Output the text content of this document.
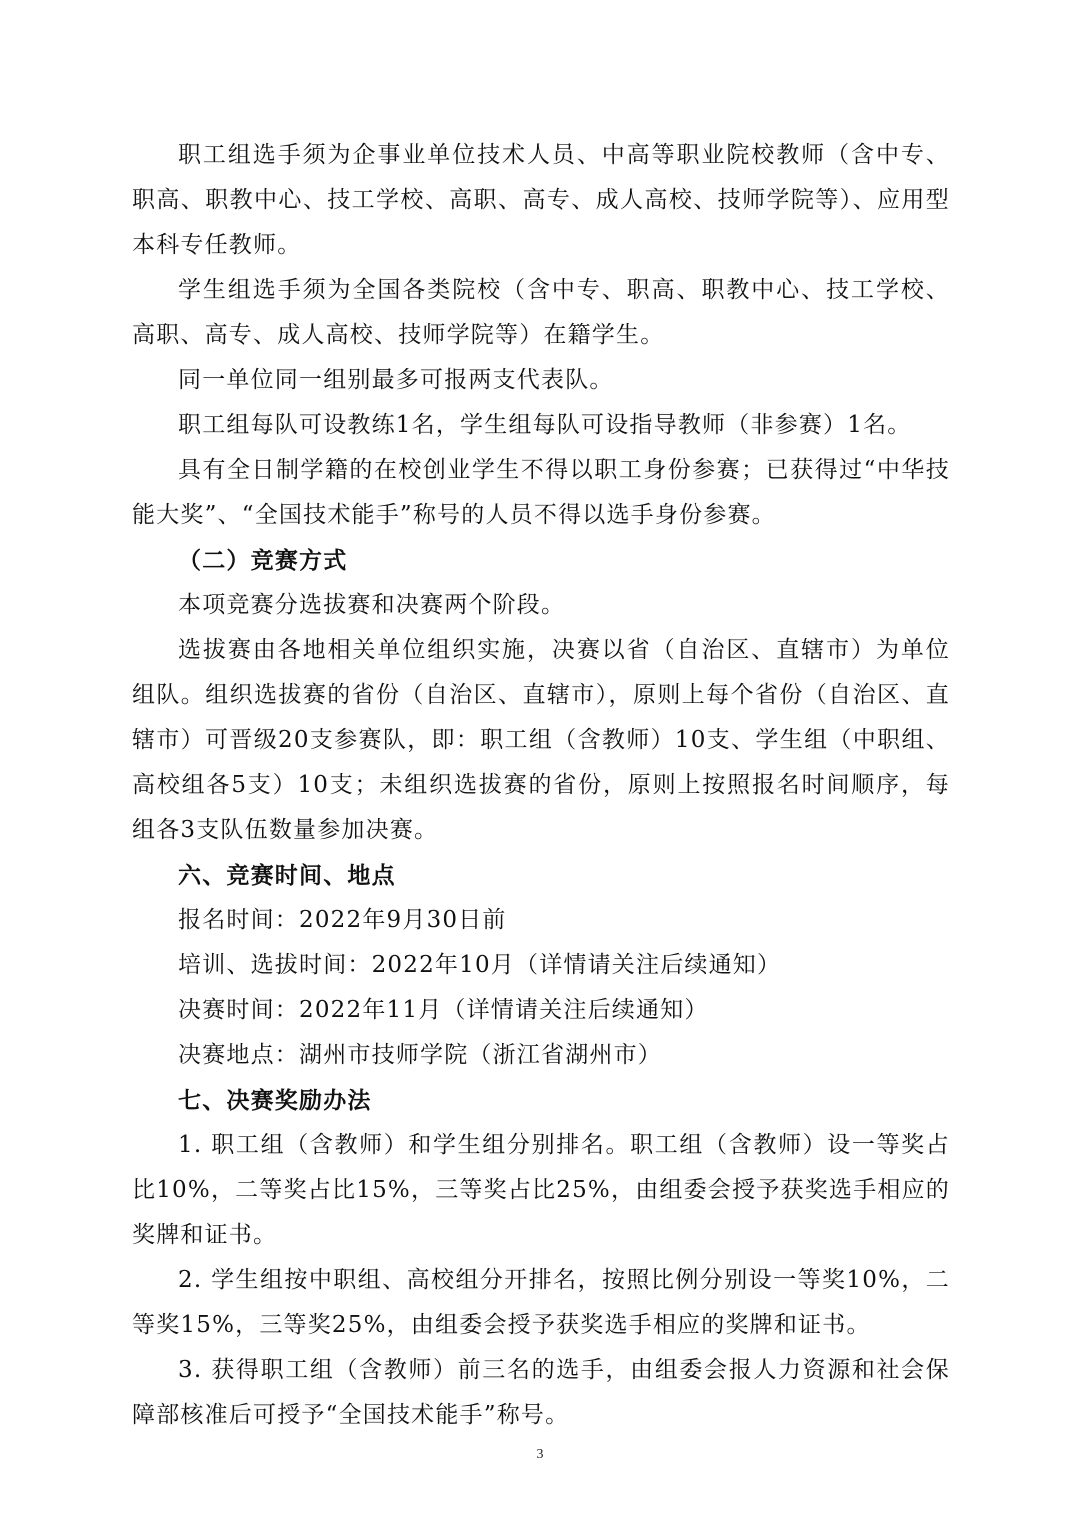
职工组选手须为企事业单位技术人员、中高等职业院校教师（含中专、职高、职教中心、技工学校、高职、高专、成人高校、技师学院等）、应用型本科专任教师。

学生组选手须为全国各类院校（含中专、职高、职教中心、技工学校、高职、高专、成人高校、技师学院等）在籍学生。

同一单位同一组别最多可报两支代表队。

职工组每队可设教练1名，学生组每队可设指导教师（非参赛）1名。

具有全日制学籍的在校创业学生不得以职工身份参赛；已获得过“中华技能大奖”、“全国技术能手”称号的人员不得以选手身份参赛。

（二）竞赛方式

本项竞赛分选拔赛和决赛两个阶段。

选拔赛由各地相关单位组织实施，决赛以省（自治区、直辖市）为单位组队。组织选拔赛的省份（自治区、直辖市），原则上每个省份（自治区、直辖市）可晋级20支参赛队，即：职工组（含教师）10支、学生组（中职组、高校组各5支）10支；未组织选拔赛的省份，原则上按照报名时间顺序，每组各3支队伍数量参加决赛。

六、竞赛时间、地点

报名时间：2022年9月30日前

培训、选拔时间：2022年10月（详情请关注后续通知）

决赛时间：2022年11月（详情请关注后续通知）

决赛地点：湖州市技师学院（浙江省湖州市）

七、决赛奖励办法

1. 职工组（含教师）和学生组分别排名。职工组（含教师）设一等奖占比10%，二等奖占比15%，三等奖占比25%，由组委会授予获奖选手相应的奖牌和证书。

2. 学生组按中职组、高校组分开排名，按照比例分别设一等奖10%，二等奖15%，三等奖25%，由组委会授予获奖选手相应的奖牌和证书。

3. 获得职工组（含教师）前三名的选手，由组委会报人力资源和社会保障部核准后可授予“全国技术能手”称号。

3
